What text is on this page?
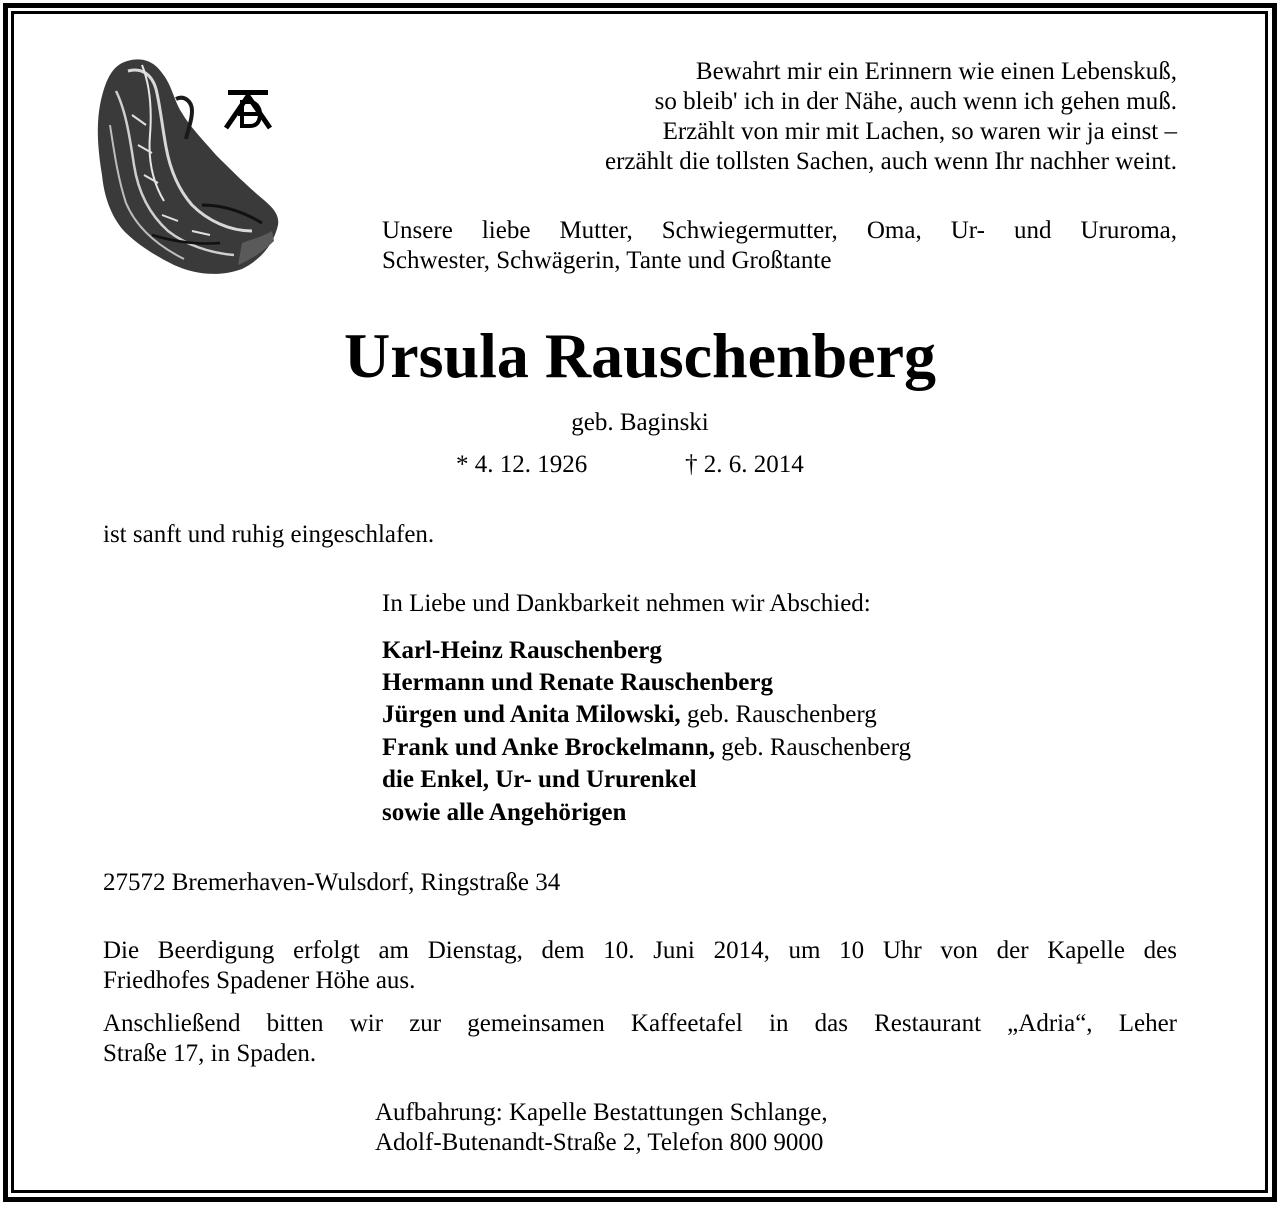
Bewahrt mir ein Erinnern wie einen Lebenskuß,

so bleib' ich in der Nähe, auch wenn ich gehen muß.

Erzählt von mir mit Lachen, so waren wir ja einst –

erzählt die tollsten Sachen, auch wenn Ihr nachher weint.

Unsere liebe Mutter, Schwiegermutter, Oma, Ur- und Ururoma,

Schwester, Schwägerin, Tante und Großtante

Ursula Rauschenberg

geb. Baginski

* 4. 12. 1926	† 2. 6. 2014

ist sanft und ruhig eingeschlafen.

In Liebe und Dankbarkeit nehmen wir Abschied:

Karl-Heinz Rauschenberg

Hermann und Renate Rauschenberg

Jürgen und Anita Milowski, geb. Rauschenberg

Frank und Anke Brockelmann, geb. Rauschenberg

die Enkel, Ur- und Ururenkel

sowie alle Angehörigen

27572 Bremerhaven-Wulsdorf, Ringstraße 34

Die Beerdigung erfolgt am Dienstag, dem 10. Juni 2014, um 10 Uhr von der Kapelle des

Friedhofes Spadener Höhe aus.

Anschließend bitten wir zur gemeinsamen Kaffeetafel in das Restaurant „Adria“, Leher

Straße 17, in Spaden.

Aufbahrung: Kapelle Bestattungen Schlange,

Adolf-Butenandt-Straße 2, Telefon 800 9000
